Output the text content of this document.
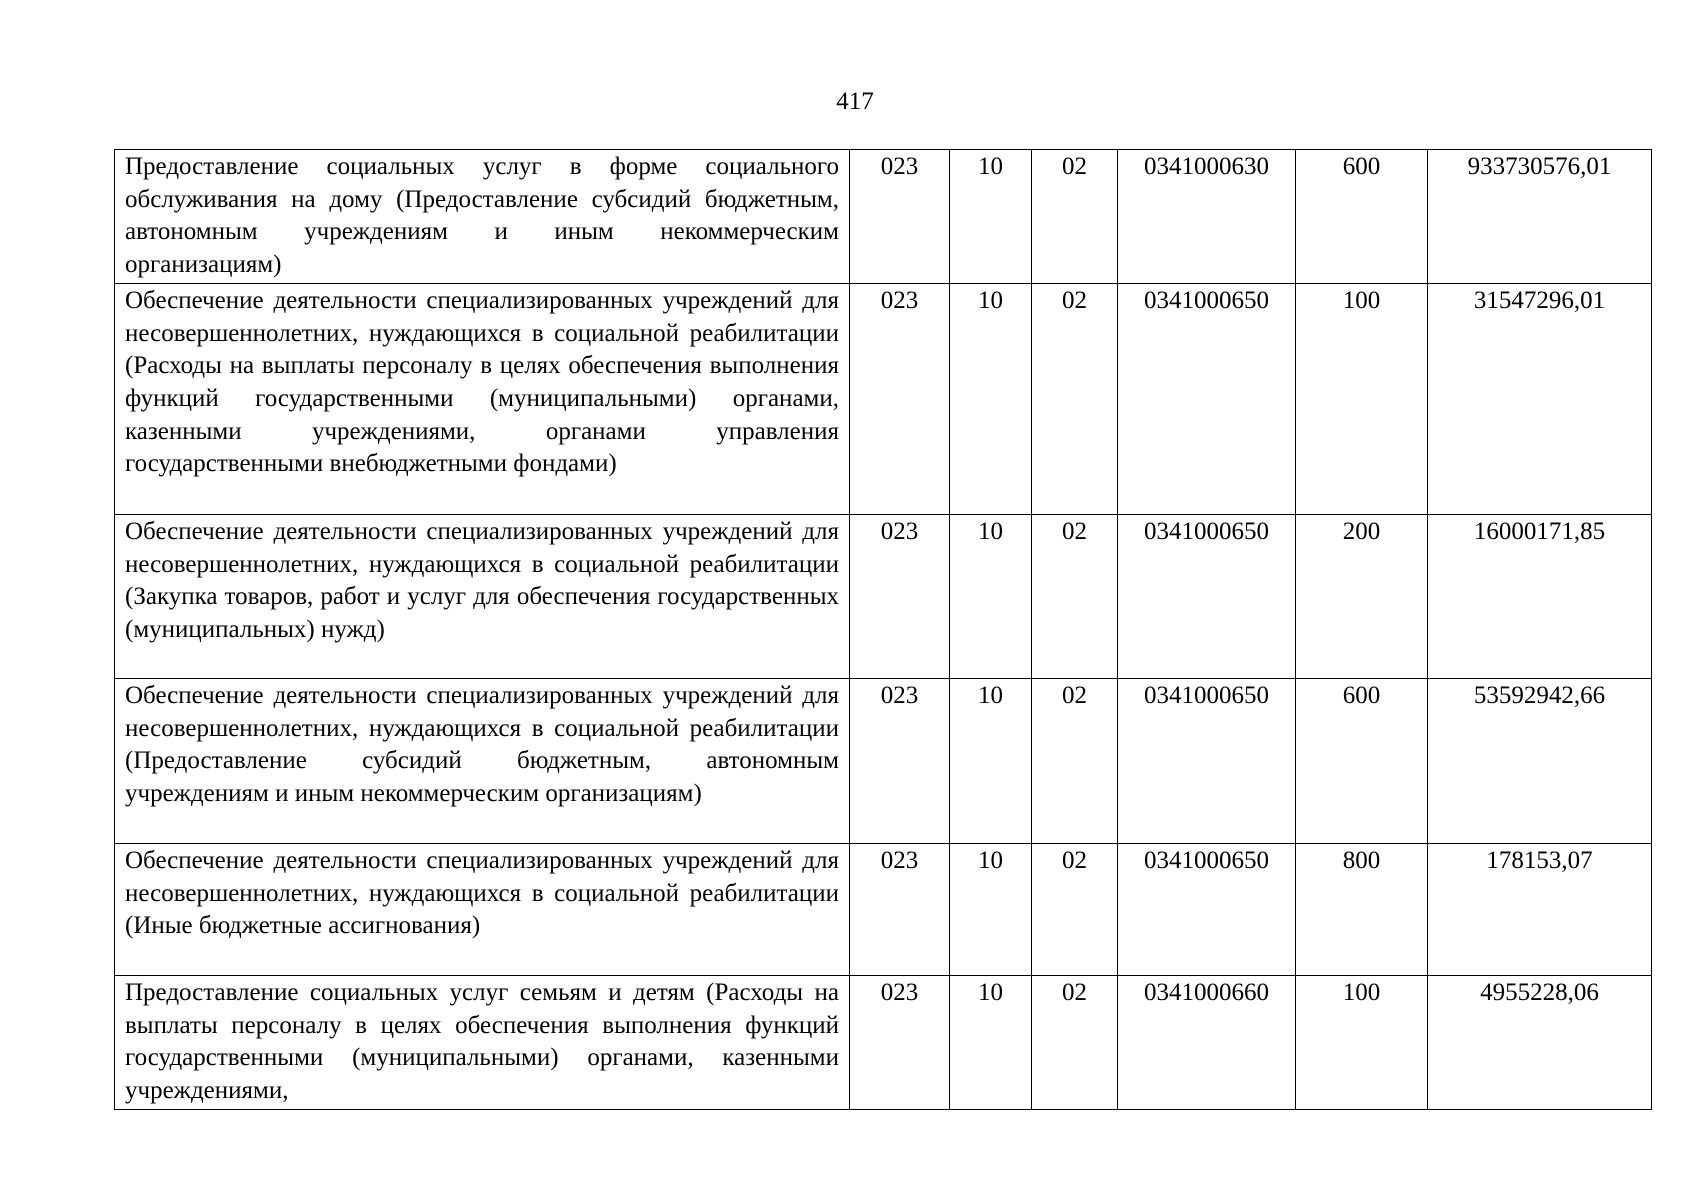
417
Предоставление социальных услуг в форме социального обслуживания на дому (Предоставление субсидий бюджетным, автономным учреждениям и иным некоммерческим организациям)	023	10	02	0341000630	600	933730576,01
Обеспечение деятельности специализированных учреждений для несовершеннолетних, нуждающихся в социальной реабилитации (Расходы на выплаты персоналу в целях обеспечения выполнения функций государственными (муниципальными) органами, казенными учреждениями, органами управления государственными внебюджетными фондами)	023	10	02	0341000650	100	31547296,01
Обеспечение деятельности специализированных учреждений для несовершеннолетних, нуждающихся в социальной реабилитации (Закупка товаров, работ и услуг для обеспечения государственных (муниципальных) нужд)	023	10	02	0341000650	200	16000171,85
Обеспечение деятельности специализированных учреждений для несовершеннолетних, нуждающихся в социальной реабилитации (Предоставление субсидий бюджетным, автономным учреждениям и иным некоммерческим организациям)	023	10	02	0341000650	600	53592942,66
Обеспечение деятельности специализированных учреждений для несовершеннолетних, нуждающихся в социальной реабилитации (Иные бюджетные ассигнования)	023	10	02	0341000650	800	178153,07
Предоставление социальных услуг семьям и детям (Расходы на выплаты персоналу в целях обеспечения выполнения функций государственными (муниципальными) органами, казенными учреждениями,	023	10	02	0341000660	100	4955228,06
